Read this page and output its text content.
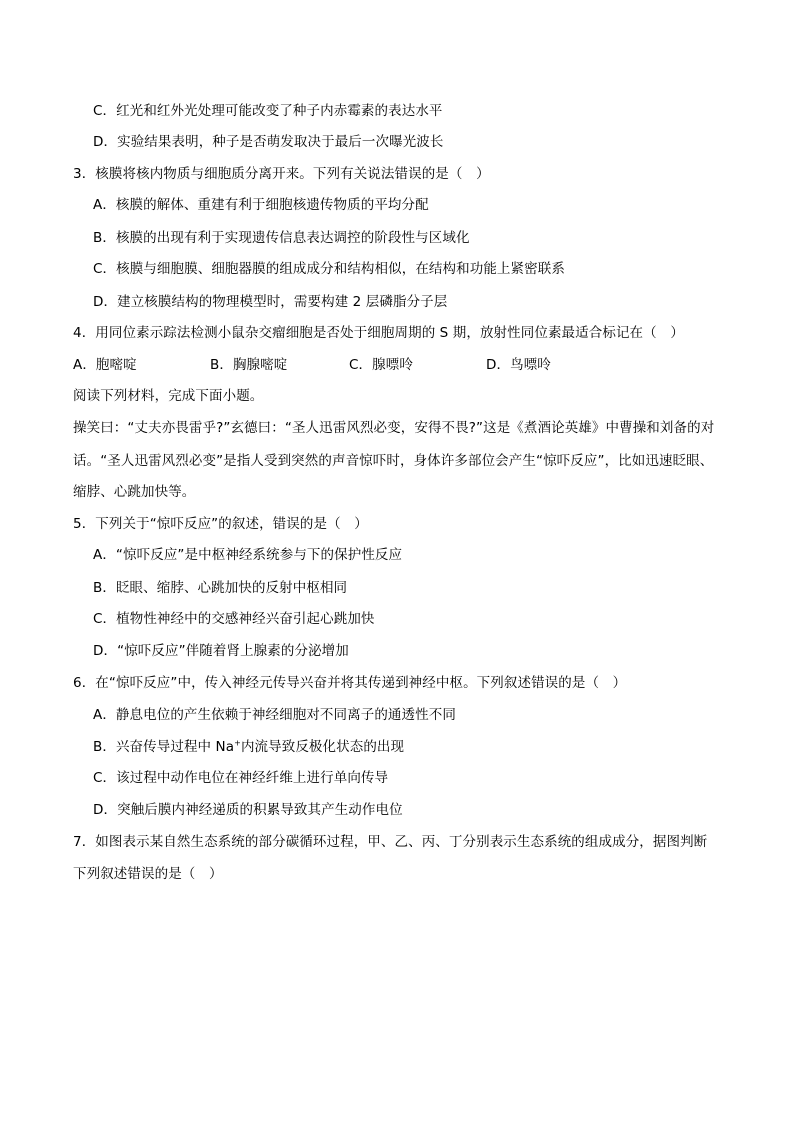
C．红光和红外光处理可能改变了种子内赤霉素的表达水平
D．实验结果表明，种子是否萌发取决于最后一次曝光波长
3．核膜将核内物质与细胞质分离开来。下列有关说法错误的是（　）
A．核膜的解体、重建有利于细胞核遗传物质的平均分配
B．核膜的出现有利于实现遗传信息表达调控的阶段性与区域化
C．核膜与细胞膜、细胞器膜的组成成分和结构相似，在结构和功能上紧密联系
D．建立核膜结构的物理模型时，需要构建 2 层磷脂分子层
4．用同位素示踪法检测小鼠杂交瘤细胞是否处于细胞周期的 S 期，放射性同位素最适合标记在（　）
A．胞嘧啶	B．胸腺嘧啶	C．腺嘌呤	D．鸟嘌呤
阅读下列材料，完成下面小题。
操笑曰：“丈夫亦畏雷乎?”玄德曰：“圣人迅雷风烈必变，安得不畏?”这是《煮酒论英雄》中曹操和刘备的对
话。“圣人迅雷风烈必变”是指人受到突然的声音惊吓时，身体许多部位会产生“惊吓反应”，比如迅速眨眼、
缩脖、心跳加快等。
5．下列关于“惊吓反应”的叙述，错误的是（　）
A．“惊吓反应”是中枢神经系统参与下的保护性反应
B．眨眼、缩脖、心跳加快的反射中枢相同
C．植物性神经中的交感神经兴奋引起心跳加快
D．“惊吓反应”伴随着肾上腺素的分泌增加
6．在“惊吓反应”中，传入神经元传导兴奋并将其传递到神经中枢。下列叙述错误的是（　）
A．静息电位的产生依赖于神经细胞对不同离子的通透性不同
B．兴奋传导过程中 Na+内流导致反极化状态的出现
C．该过程中动作电位在神经纤维上进行单向传导
D．突触后膜内神经递质的积累导致其产生动作电位
7．如图表示某自然生态系统的部分碳循环过程，甲、乙、丙、丁分别表示生态系统的组成成分，据图判断
下列叙述错误的是（　）
